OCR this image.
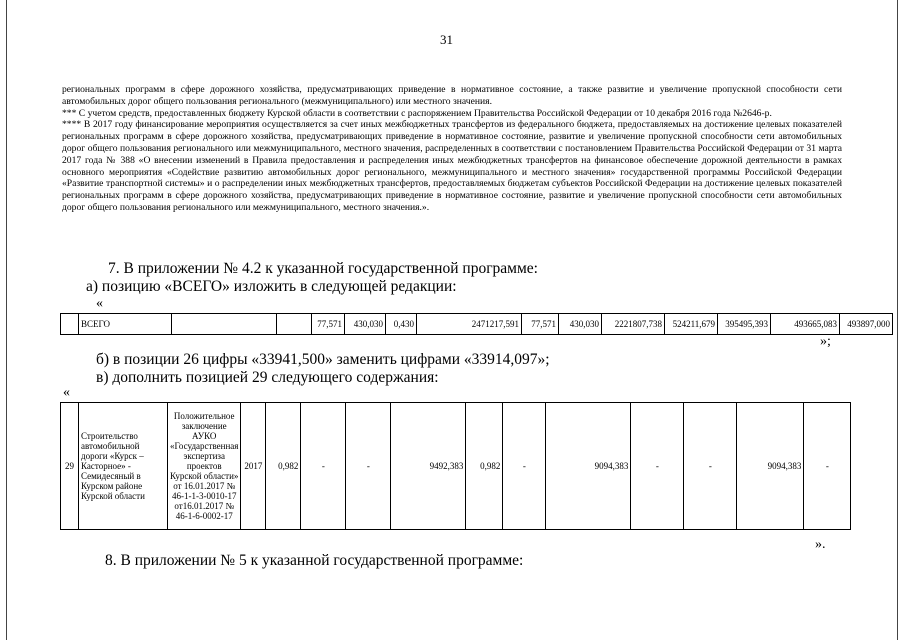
31

региональных программ в сфере дорожного хозяйства, предусматривающих приведение в нормативное состояние, а также развитие и увеличение пропускной способности сети автомобильных дорог общего пользования регионального (межмуниципального) или местного значения.

*** С учетом средств, предоставленных бюджету Курской области в соответствии с распоряжением Правительства Российской Федерации от 10 декабря 2016 года №2646-р.

**** В 2017 году финансирование мероприятия осуществляется за счет иных межбюджетных трансфертов из федерального бюджета, предоставляемых на достижение целевых показателей региональных программ в сфере дорожного хозяйства, предусматривающих приведение в нормативное состояние, развитие и увеличение пропускной способности сети автомобильных дорог общего пользования регионального или межмуниципального, местного значения, распределенных в соответствии с постановлением Правительства Российской Федерации от 31 марта 2017 года № 388 «О внесении изменений в Правила предоставления и распределения иных межбюджетных трансфертов на финансовое обеспечение дорожной деятельности в рамках основного мероприятия «Содействие развитию автомобильных дорог регионального, межмуниципального и местного значения» государственной программы Российской Федерации «Развитие транспортной системы» и о распределении иных межбюджетных трансфертов, предоставляемых бюджетам субъектов Российской Федерации на достижение целевых показателей региональных программ в сфере дорожного хозяйства, предусматривающих приведение в нормативное состояние, развитие и увеличение пропускной способности сети автомобильных дорог общего пользования регионального или межмуниципального, местного значения.».

7. В приложении № 4.2 к указанной государственной программе:
а) позицию «ВСЕГО» изложить в следующей редакции:
«
	ВСЕГО			77,571	430,030	0,430	2471217,591	77,571	430,030	2221807,738	524211,679	395495,393	493665,083	493897,000
»;
б) в позиции 26 цифры «33941,500» заменить цифрами «33914,097»;
в) дополнить позицией 29 следующего содержания:
«
29	Строительство автомобильной дороги «Курск – Касторное» - Семидесяный в Курском районе Курской области	Положительное заключение АУКО «Государственная экспертиза проектов Курской области» от 16.01.2017 № 46-1-1-3-0010-17 от16.01.2017 № 46-1-6-0002-17	2017	0,982	-	-	9492,383	0,982	-	9094,383	-	-	9094,383	-
».
8. В приложении № 5 к указанной государственной программе:
